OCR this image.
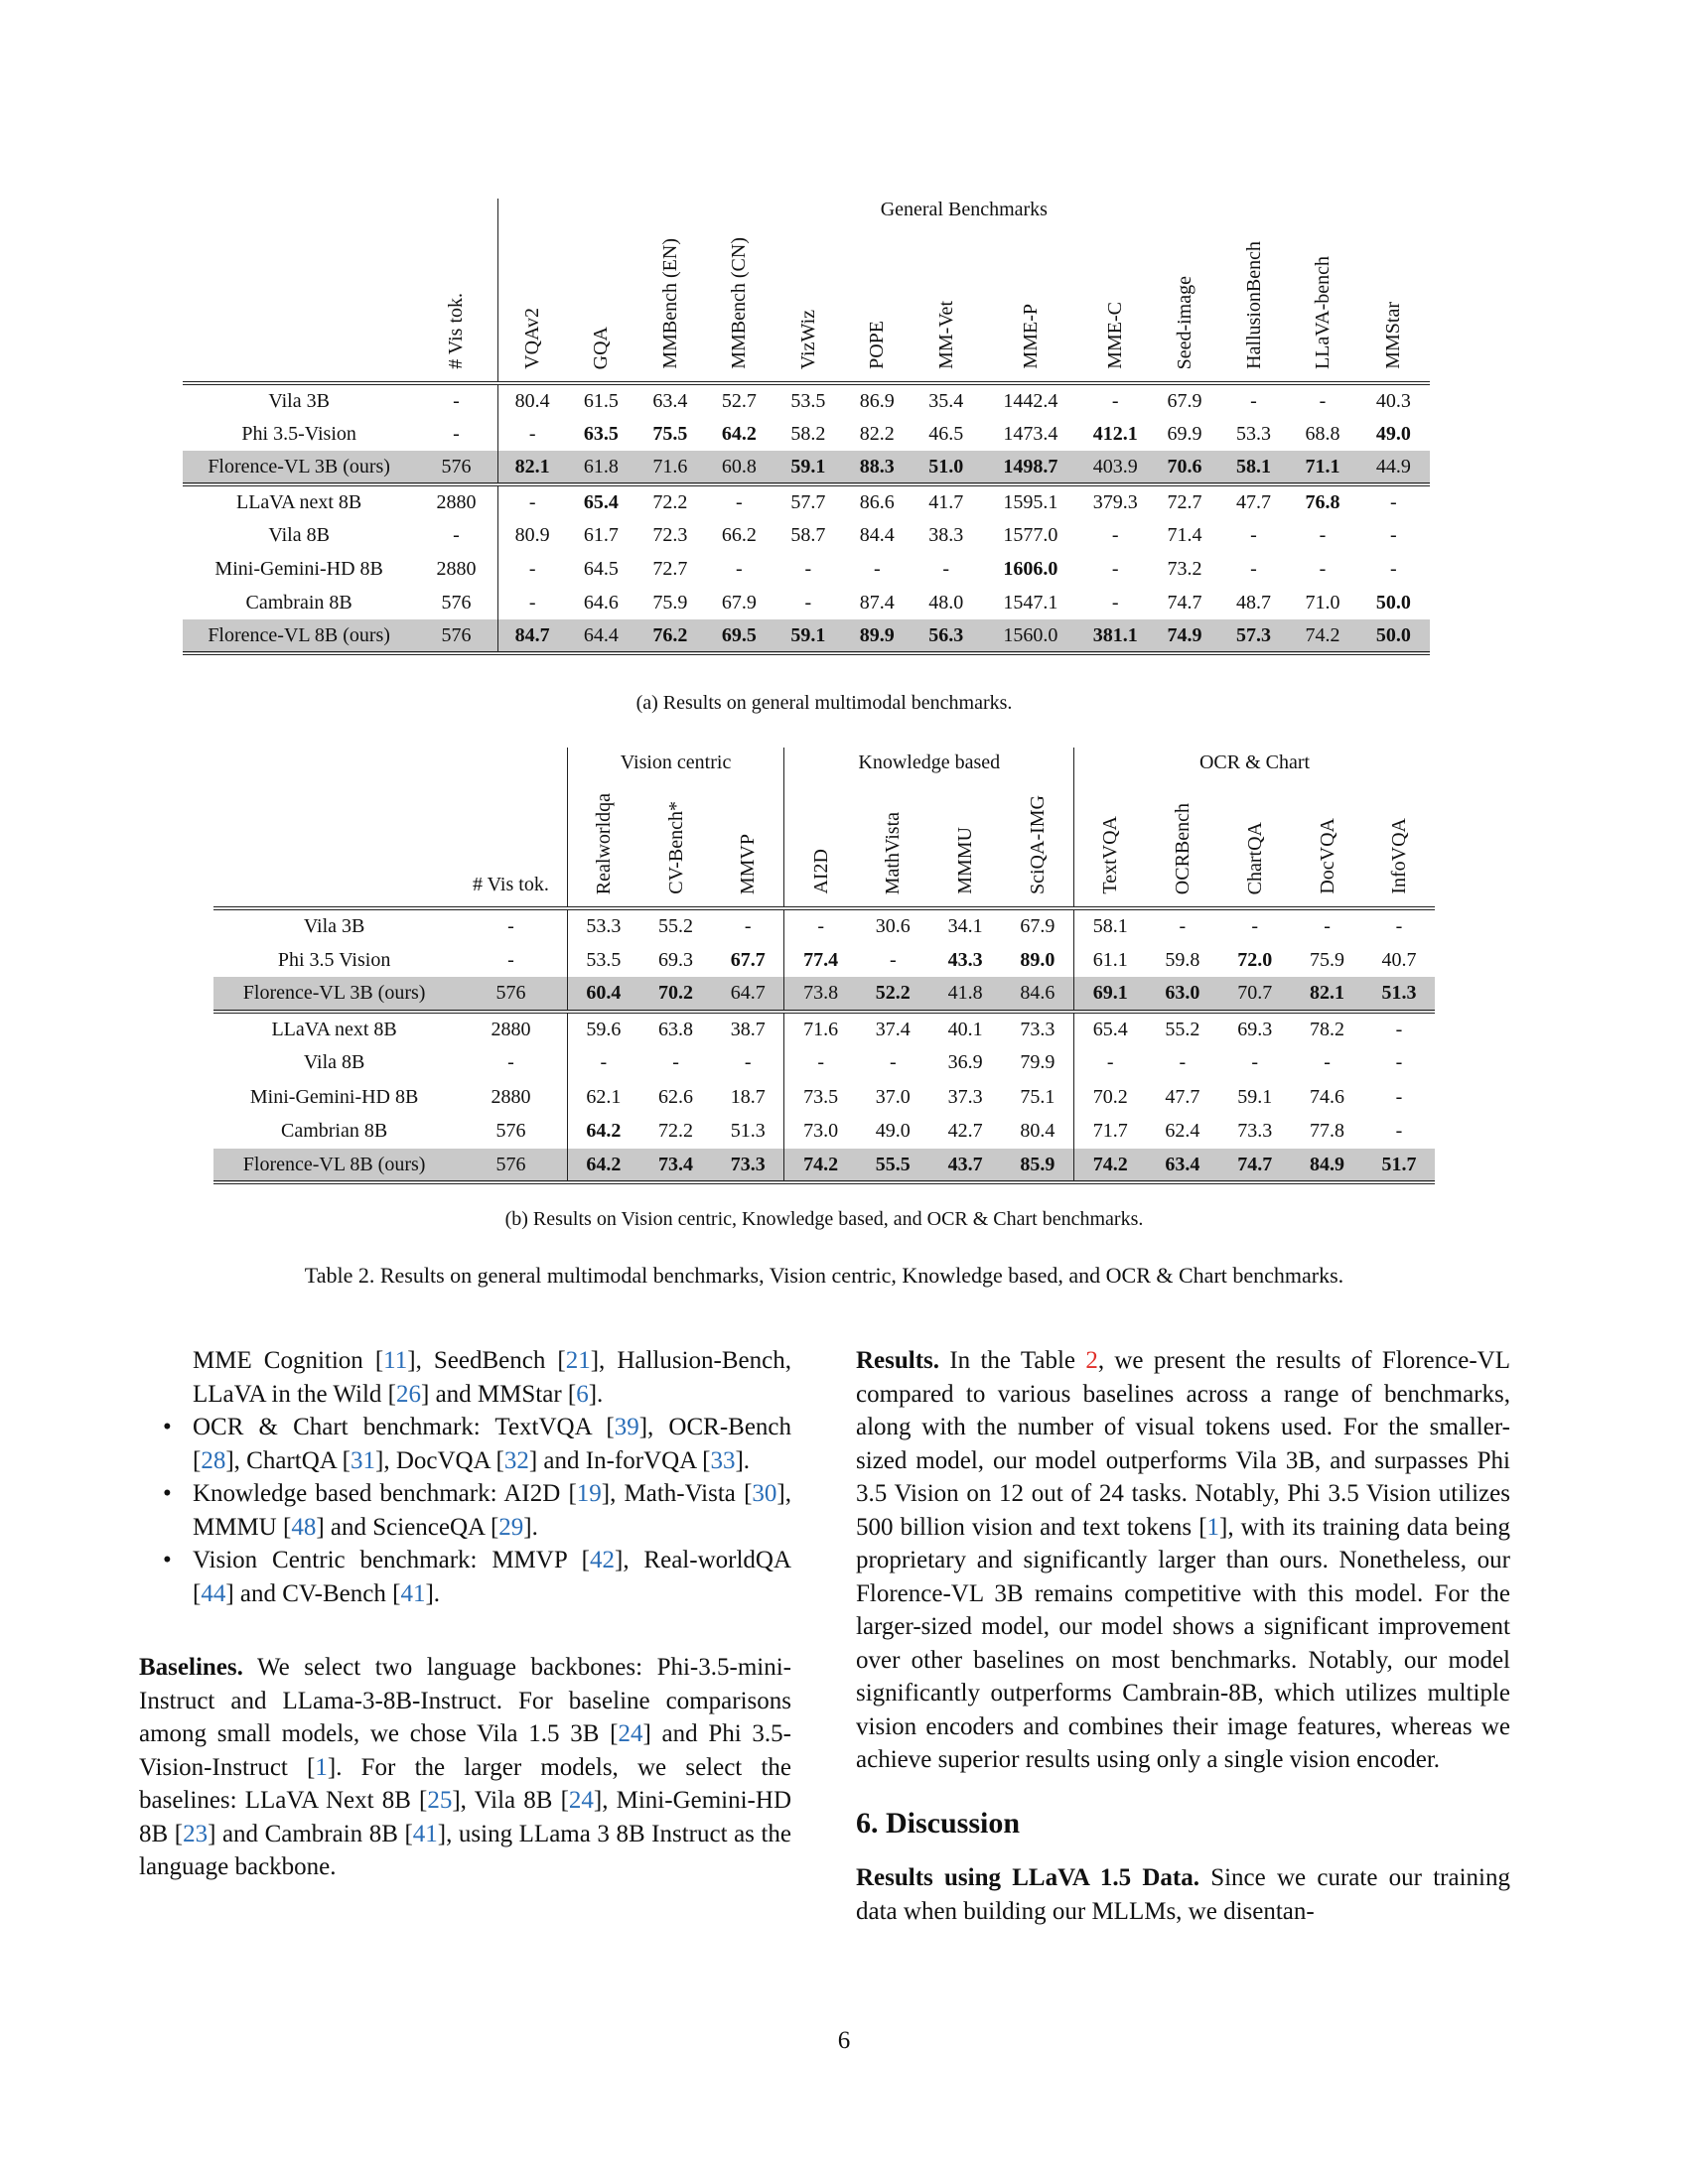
		General Benchmarks												
	# Vis tok.	VQAv2	GQA	MMBench (EN)	MMBench (CN)	VizWiz	POPE	MM-Vet	MME-P	MME-C	Seed-image	HallusionBench	LLaVA-bench	MMStar
Vila 3B	-	80.4	61.5	63.4	52.7	53.5	86.9	35.4	1442.4	-	67.9	-	-	40.3
Phi 3.5-Vision	-	-	63.5	75.5	64.2	58.2	82.2	46.5	1473.4	412.1	69.9	53.3	68.8	49.0
Florence-VL 3B (ours)	576	82.1	61.8	71.6	60.8	59.1	88.3	51.0	1498.7	403.9	70.6	58.1	71.1	44.9
LLaVA next 8B	2880	-	65.4	72.2	-	57.7	86.6	41.7	1595.1	379.3	72.7	47.7	76.8	-
Vila 8B	-	80.9	61.7	72.3	66.2	58.7	84.4	38.3	1577.0	-	71.4	-	-	-
Mini-Gemini-HD 8B	2880	-	64.5	72.7	-	-	-	-	1606.0	-	73.2	-	-	-
Cambrain 8B	576	-	64.6	75.9	67.9	-	87.4	48.0	1547.1	-	74.7	48.7	71.0	50.0
Florence-VL 8B (ours)	576	84.7	64.4	76.2	69.5	59.1	89.9	56.3	1560.0	381.1	74.9	57.3	74.2	50.0
(a) Results on general multimodal benchmarks.
		Vision centric			Knowledge based				OCR & Chart				
	# Vis tok.	Realworldqa	CV-Bench*	MMVP	AI2D	MathVista	MMMU	SciQA-IMG	TextVQA	OCRBench	ChartQA	DocVQA	InfoVQA
Vila 3B	-	53.3	55.2	-	-	30.6	34.1	67.9	58.1	-	-	-	-
Phi 3.5 Vision	-	53.5	69.3	67.7	77.4	-	43.3	89.0	61.1	59.8	72.0	75.9	40.7
Florence-VL 3B (ours)	576	60.4	70.2	64.7	73.8	52.2	41.8	84.6	69.1	63.0	70.7	82.1	51.3
LLaVA next 8B	2880	59.6	63.8	38.7	71.6	37.4	40.1	73.3	65.4	55.2	69.3	78.2	-
Vila 8B	-	-	-	-	-	-	36.9	79.9	-	-	-	-	-
Mini-Gemini-HD 8B	2880	62.1	62.6	18.7	73.5	37.0	37.3	75.1	70.2	47.7	59.1	74.6	-
Cambrian 8B	576	64.2	72.2	51.3	73.0	49.0	42.7	80.4	71.7	62.4	73.3	77.8	-
Florence-VL 8B (ours)	576	64.2	73.4	73.3	74.2	55.5	43.7	85.9	74.2	63.4	74.7	84.9	51.7
(b) Results on Vision centric, Knowledge based, and OCR & Chart benchmarks.
Table 2. Results on general multimodal benchmarks, Vision centric, Knowledge based, and OCR & Chart benchmarks.

MME Cognition [11], SeedBench [21], Hallusion-Bench, LLaVA in the Wild [26] and MMStar [6].

• OCR & Chart benchmark: TextVQA [39], OCR-Bench [28], ChartQA [31], DocVQA [32] and In-forVQA [33].

• Knowledge based benchmark: AI2D [19], Math-Vista [30], MMMU [48] and ScienceQA [29].

• Vision Centric benchmark: MMVP [42], Real-worldQA [44] and CV-Bench [41].

Baselines. We select two language backbones: Phi-3.5-mini-Instruct and LLama-3-8B-Instruct. For baseline comparisons among small models, we chose Vila 1.5 3B [24] and Phi 3.5-Vision-Instruct [1]. For the larger models, we select the baselines: LLaVA Next 8B [25], Vila 8B [24], Mini-Gemini-HD 8B [23] and Cambrain 8B [41], using LLama 3 8B Instruct as the language backbone.

Results. In the Table 2, we present the results of Florence-VL compared to various baselines across a range of benchmarks, along with the number of visual tokens used. For the smaller-sized model, our model outperforms Vila 3B, and surpasses Phi 3.5 Vision on 12 out of 24 tasks. Notably, Phi 3.5 Vision utilizes 500 billion vision and text tokens [1], with its training data being proprietary and significantly larger than ours. Nonetheless, our Florence-VL 3B remains competitive with this model. For the larger-sized model, our model shows a significant improvement over other baselines on most benchmarks. Notably, our model significantly outperforms Cambrain-8B, which utilizes multiple vision encoders and combines their image features, whereas we achieve superior results using only a single vision encoder.

6. Discussion

Results using LLaVA 1.5 Data. Since we curate our training data when building our MLLMs, we disentan-

6
